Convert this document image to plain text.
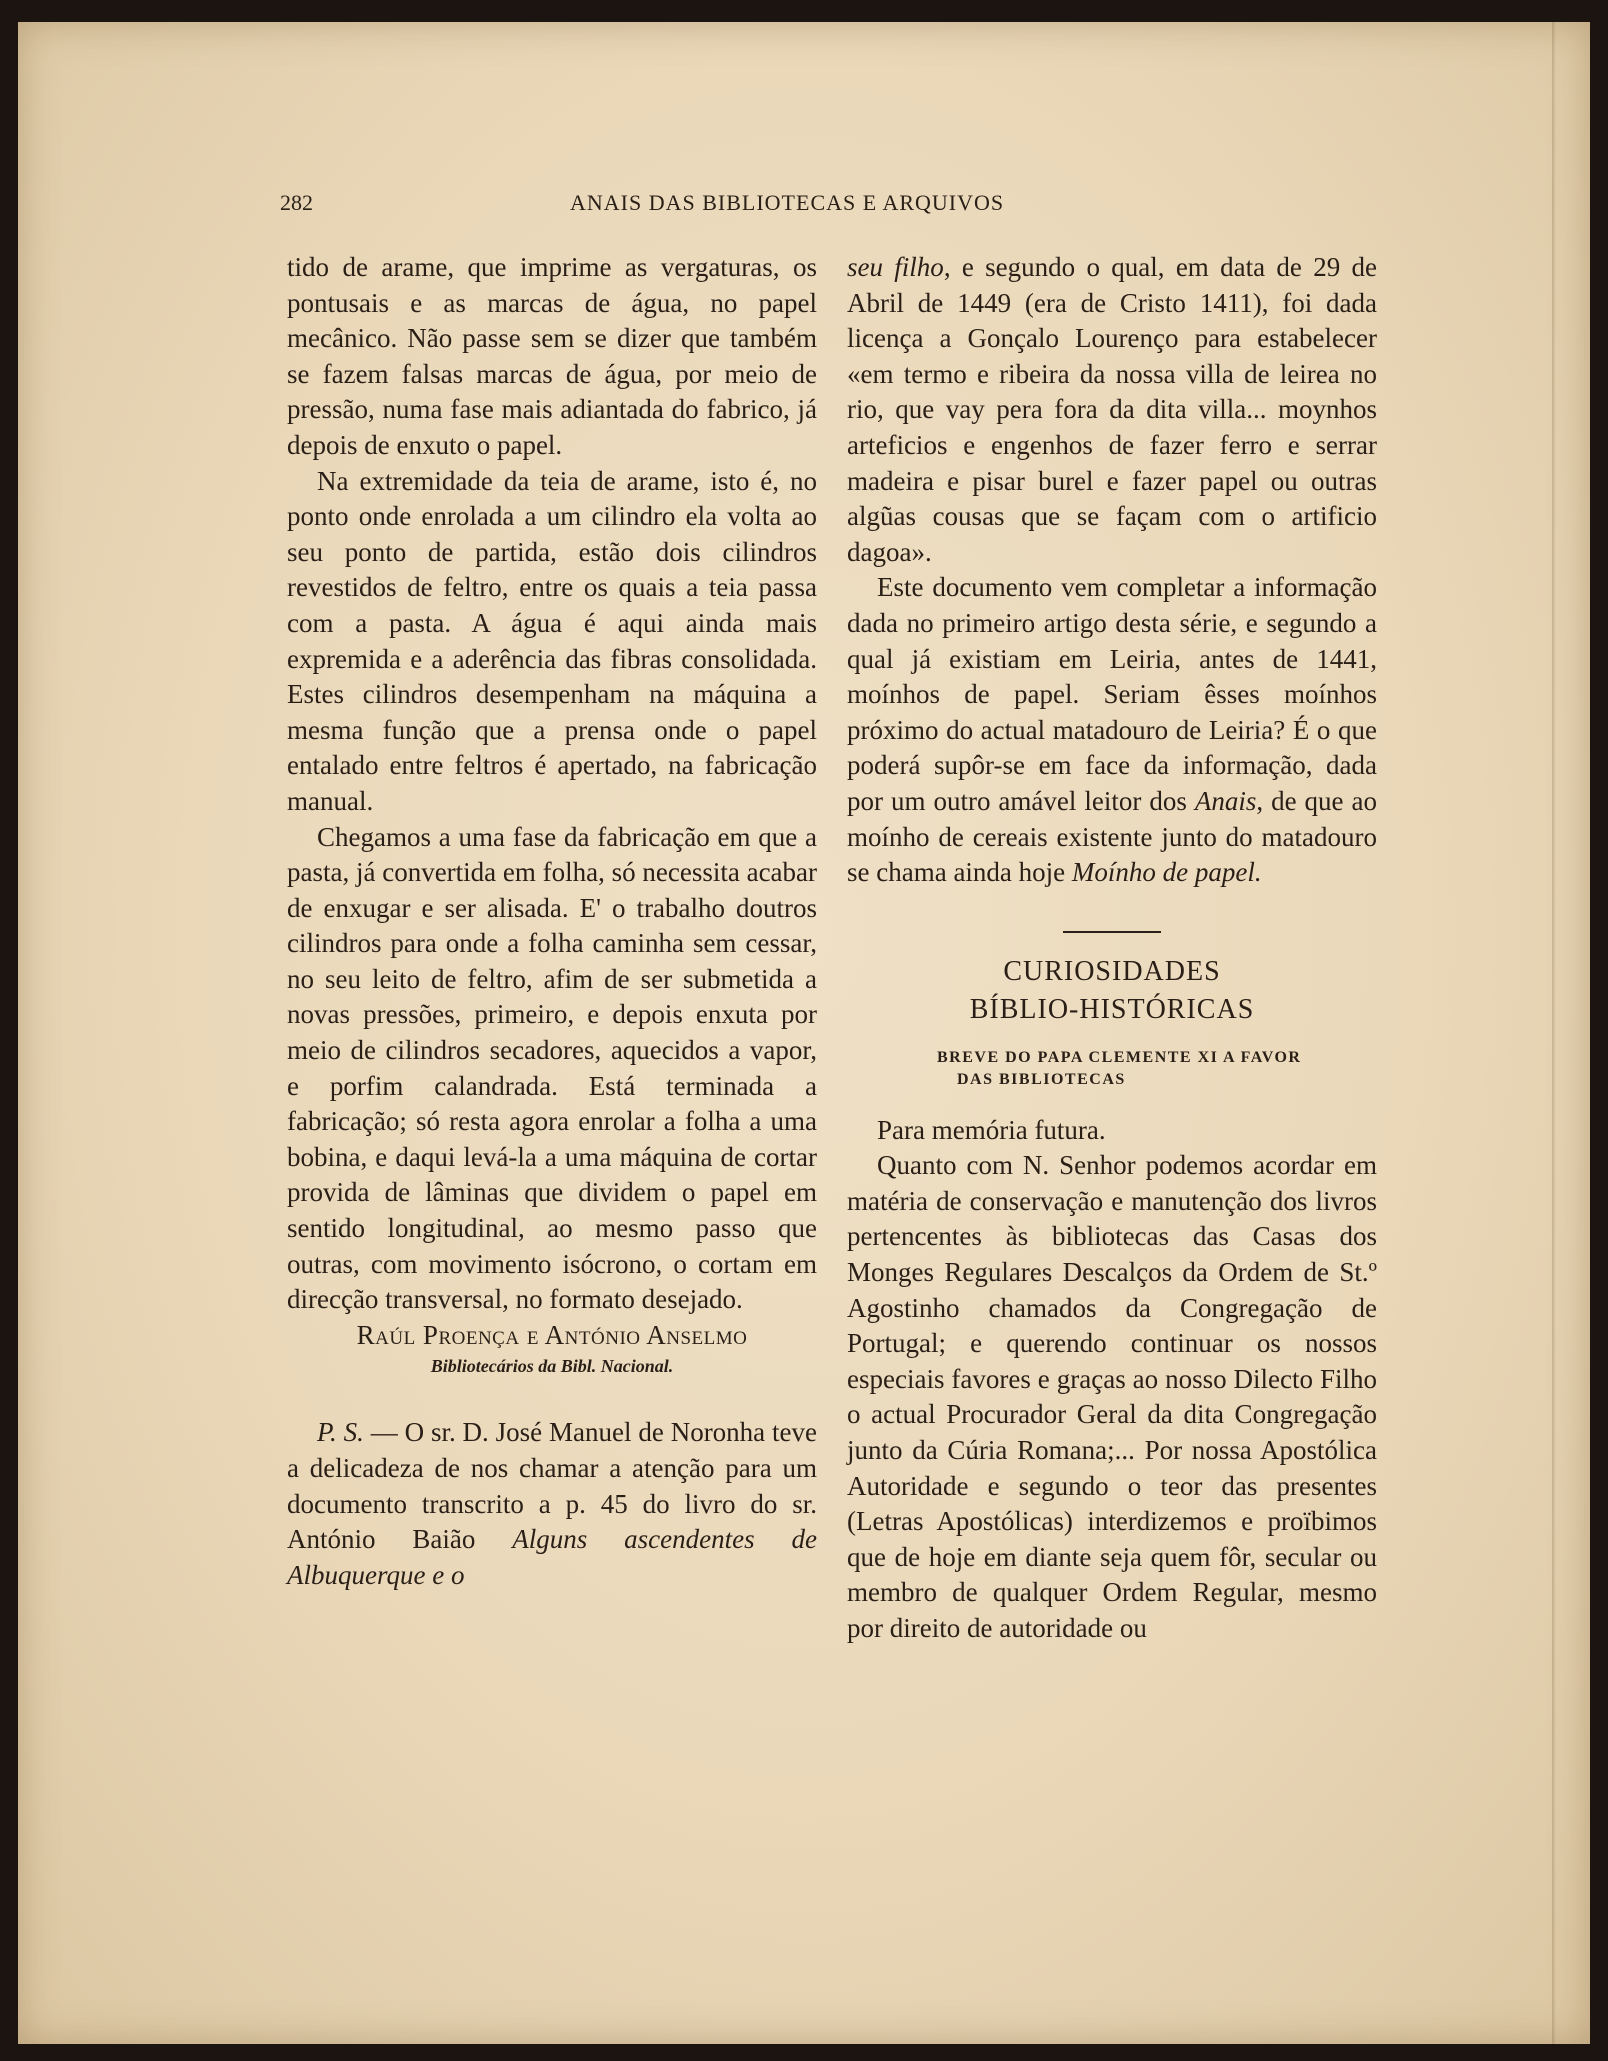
282	ANAIS DAS BIBLIOTECAS E ARQUIVOS

tido de arame, que imprime as vergaturas, os pontusais e as marcas de água, no papel mecânico. Não passe sem se dizer que também se fazem falsas marcas de água, por meio de pressão, numa fase mais adiantada do fabrico, já depois de enxuto o papel.

Na extremidade da teia de arame, isto é, no ponto onde enrolada a um cilindro ela volta ao seu ponto de partida, estão dois cilindros revestidos de feltro, entre os quais a teia passa com a pasta. A água é aqui ainda mais expremida e a aderência das fibras consolidada. Estes cilindros desempenham na máquina a mesma função que a prensa onde o papel entalado entre feltros é apertado, na fabricação manual.

Chegamos a uma fase da fabricação em que a pasta, já convertida em folha, só necessita acabar de enxugar e ser alisada. E' o trabalho doutros cilindros para onde a folha caminha sem cessar, no seu leito de feltro, afim de ser submetida a novas pressões, primeiro, e depois enxuta por meio de cilindros secadores, aquecidos a vapor, e porfim calandrada. Está terminada a fabricação; só resta agora enrolar a folha a uma bobina, e daqui levá-la a uma máquina de cortar provida de lâminas que dividem o papel em sentido longitudinal, ao mesmo passo que outras, com movimento isócrono, o cortam em direcção transversal, no formato desejado.

Raúl Proença e António Anselmo

Bibliotecários da Bibl. Nacional.

P. S. — O sr. D. José Manuel de Noronha teve a delicadeza de nos chamar a atenção para um documento transcrito a p. 45 do livro do sr. António Baião Alguns ascendentes de Albuquerque e o

seu filho, e segundo o qual, em data de 29 de Abril de 1449 (era de Cristo 1411), foi dada licença a Gonçalo Lourenço para estabelecer «em termo e ribeira da nossa villa de leirea no rio, que vay pera fora da dita villa... moynhos arteficios e engenhos de fazer ferro e serrar madeira e pisar burel e fazer papel ou outras algũas cousas que se façam com o artificio dagoa».

Este documento vem completar a informação dada no primeiro artigo desta série, e segundo a qual já existiam em Leiria, antes de 1441, moínhos de papel. Seriam êsses moínhos próximo do actual matadouro de Leiria? É o que poderá supôr-se em face da informação, dada por um outro amável leitor dos Anais, de que ao moínho de cereais existente junto do matadouro se chama ainda hoje Moínho de papel.

CURIOSIDADES

BÍBLIO-HISTÓRICAS

BREVE DO PAPA CLEMENTE XI A FAVOR
DAS BIBLIOTECAS

Para memória futura.

Quanto com N. Senhor podemos acordar em matéria de conservação e manutenção dos livros pertencentes às bibliotecas das Casas dos Monges Regulares Descalços da Ordem de St.º Agostinho chamados da Congregação de Portugal; e querendo continuar os nossos especiais favores e graças ao nosso Dilecto Filho o actual Procurador Geral da dita Congregação junto da Cúria Romana;... Por nossa Apostólica Autoridade e segundo o teor das presentes (Letras Apostólicas) interdizemos e proïbimos que de hoje em diante seja quem fôr, secular ou membro de qualquer Ordem Regular, mesmo por direito de autoridade ou
